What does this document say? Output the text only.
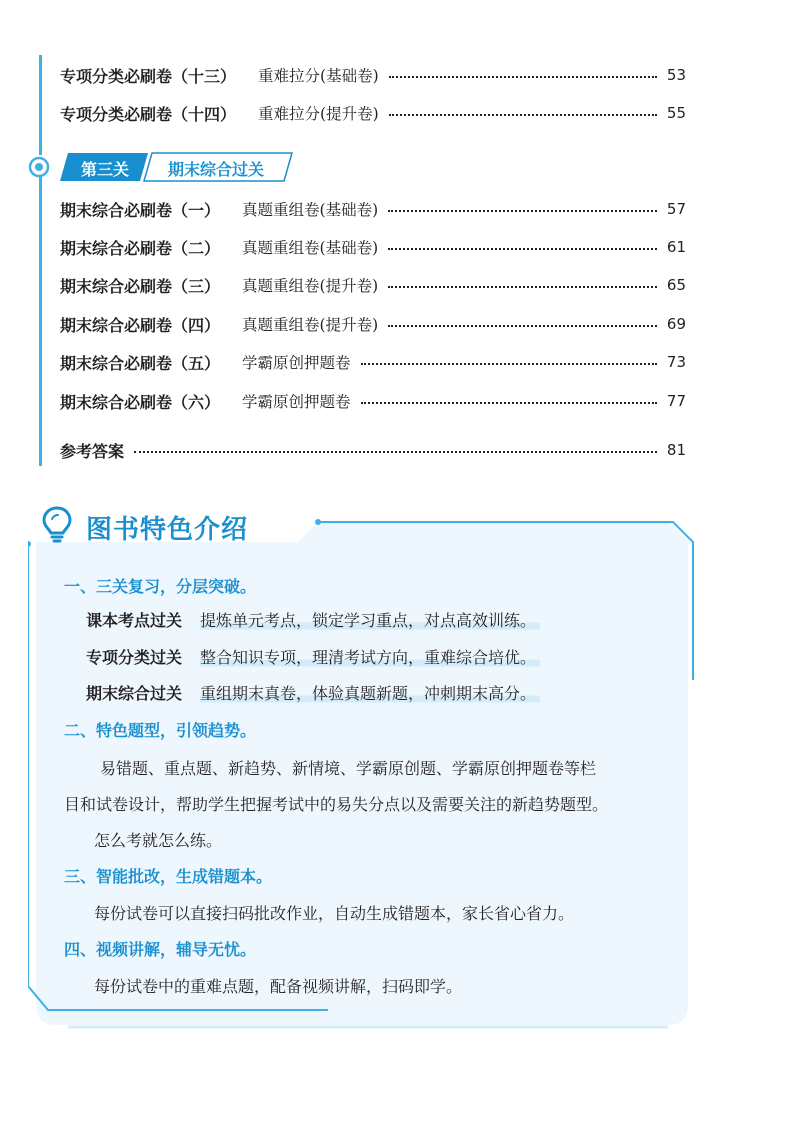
专项分类必刷卷（十三） 重难拉分(基础卷)	53
专项分类必刷卷（十四） 重难拉分(提升卷)	55
第三关	期末综合过关
期末综合必刷卷（一） 真题重组卷(基础卷)	57
期末综合必刷卷（二） 真题重组卷(基础卷)	61
期末综合必刷卷（三） 真题重组卷(提升卷)	65
期末综合必刷卷（四） 真题重组卷(提升卷)	69
期末综合必刷卷（五） 学霸原创押题卷	73
期末综合必刷卷（六） 学霸原创押题卷	77
参考答案	81
图书特色介绍
一、三关复习，分层突破。
课本考点过关 提炼单元考点，锁定学习重点，对点高效训练。
专项分类过关 整合知识专项，理清考试方向，重难综合培优。
期末综合过关 重组期末真卷，体验真题新题，冲刺期末高分。
二、特色题型，引领趋势。
易错题、重点题、新趋势、新情境、学霸原创题、学霸原创押题卷等栏
目和试卷设计，帮助学生把握考试中的易失分点以及需要关注的新趋势题型。
怎么考就怎么练。
三、智能批改，生成错题本。
每份试卷可以直接扫码批改作业，自动生成错题本，家长省心省力。
四、视频讲解，辅导无忧。
每份试卷中的重难点题，配备视频讲解，扫码即学。
